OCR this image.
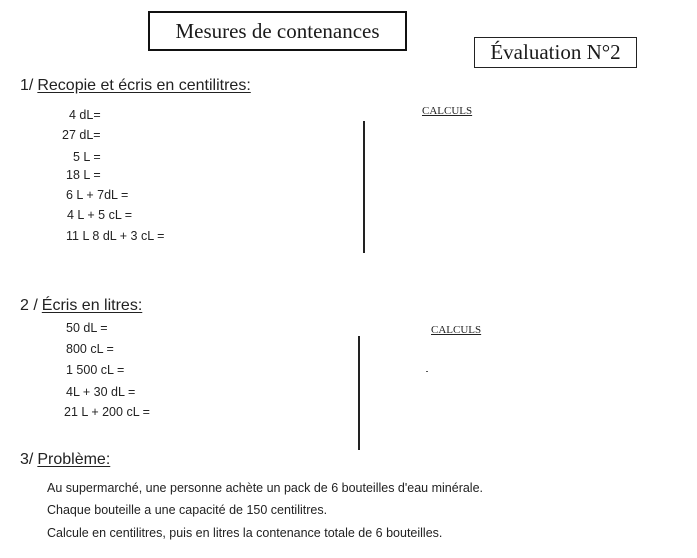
Mesures de contenances
Évaluation N°2
1/ Recopie et écris en centilitres:
CALCULS
4 dL=
27 dL=
5 L =
18 L =
6 L + 7dL =
4 L + 5 cL =
11 L 8 dL + 3 cL =
2 / Écris en litres:
CALCULS
50 dL =
800 cL =
1 500 cL =
4L + 30 dL =
21 L + 200 cL =
3/ Problème:
Au supermarché, une personne achète un pack de 6 bouteilles d'eau minérale.
Chaque bouteille a une capacité de 150 centilitres.
Calcule en centilitres, puis en litres la contenance totale de 6 bouteilles.
